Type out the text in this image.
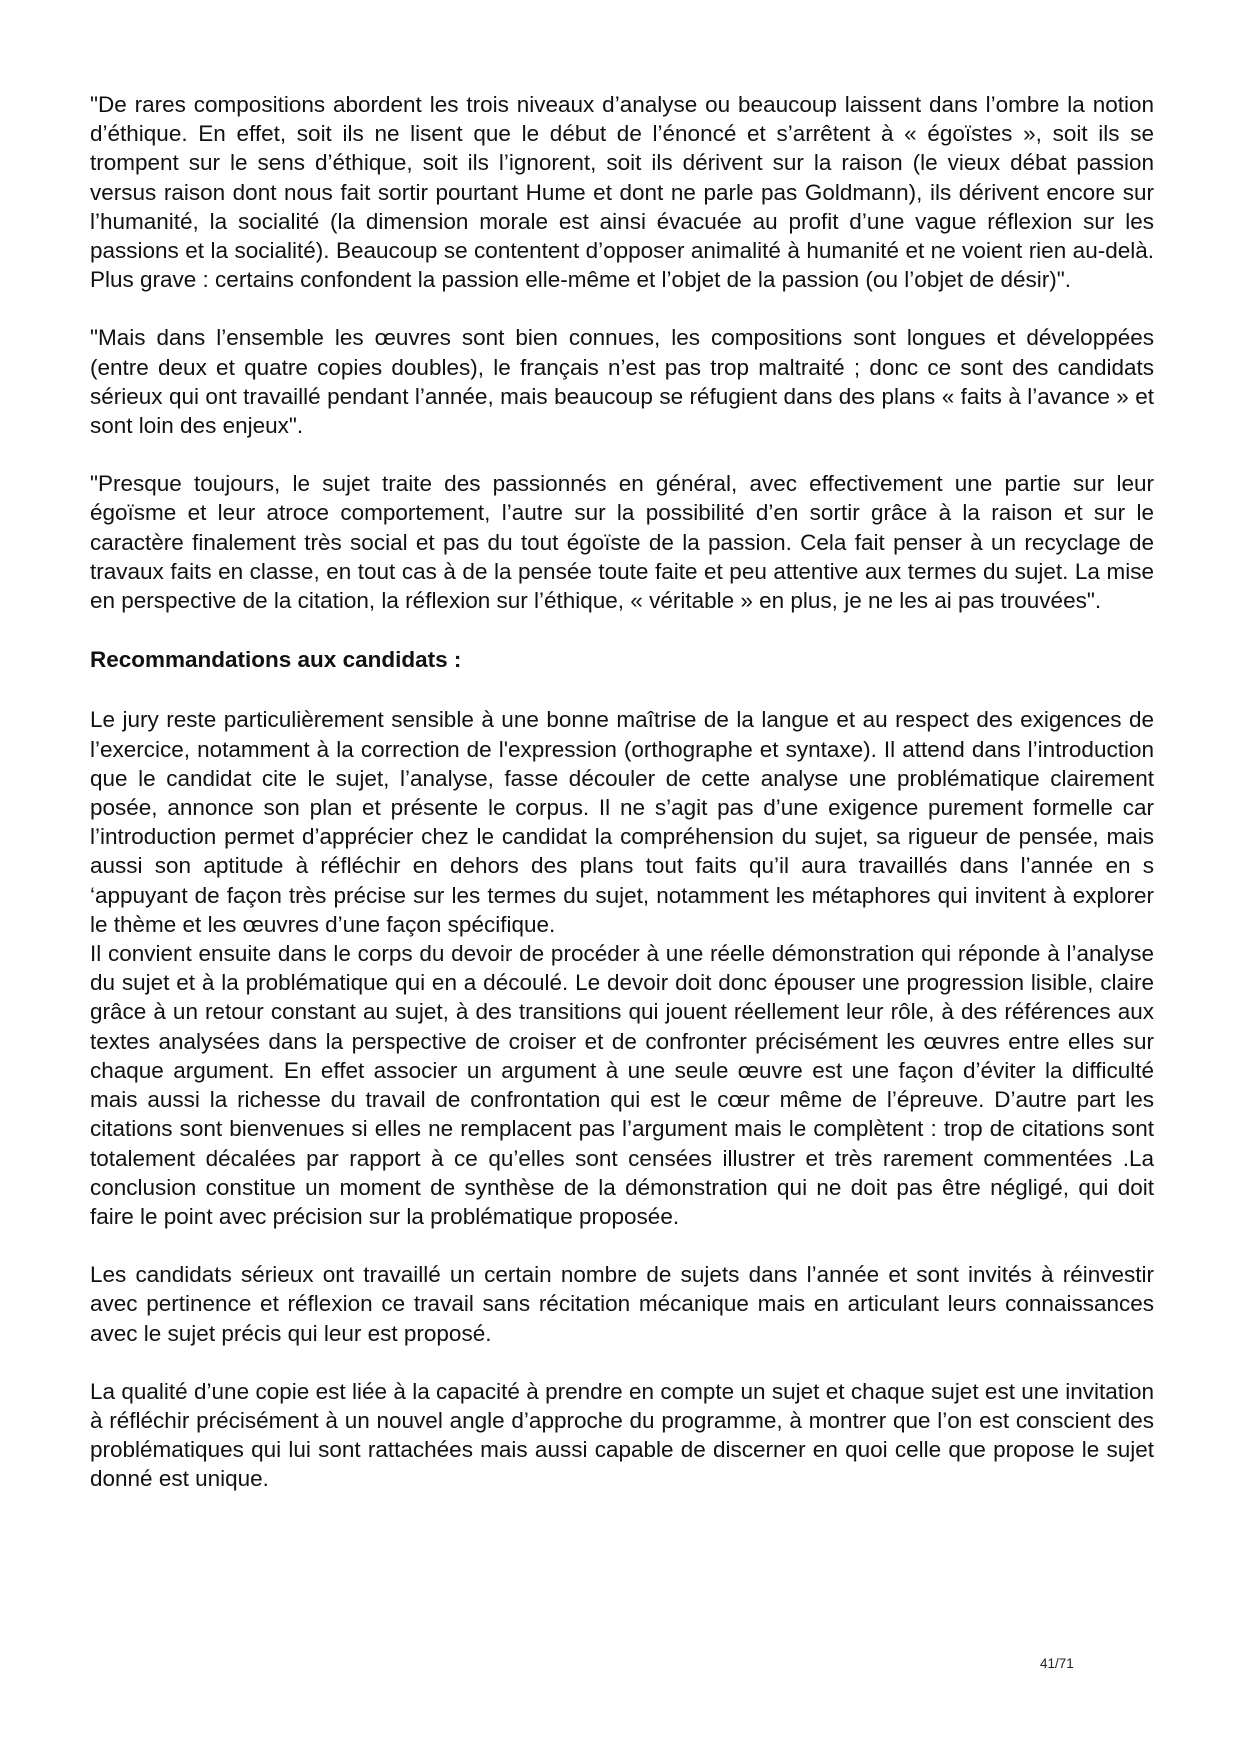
"De rares compositions abordent les trois niveaux d’analyse ou beaucoup laissent dans l’ombre la notion d’éthique. En effet, soit ils ne lisent que le début de l’énoncé et s’arrêtent à « égoïstes », soit ils se trompent sur le sens d’éthique, soit ils l’ignorent, soit ils dérivent sur la raison (le vieux débat passion versus raison dont nous fait sortir pourtant Hume et dont ne parle pas Goldmann), ils dérivent encore sur l’humanité, la socialité (la dimension morale est ainsi évacuée au profit d’une vague réflexion sur les passions et la socialité). Beaucoup se contentent d’opposer animalité à humanité et ne voient rien au-delà. Plus grave : certains confondent la passion elle-même et l’objet de la passion (ou l’objet de désir)".

"Mais dans l’ensemble les œuvres sont bien connues, les compositions sont longues et développées (entre deux et quatre copies doubles), le français n’est pas trop maltraité ; donc ce sont des candidats sérieux qui ont travaillé pendant l’année, mais beaucoup se réfugient dans des plans « faits à l’avance » et sont loin des enjeux".

"Presque toujours, le sujet traite des passionnés en général, avec effectivement une partie sur leur égoïsme et leur atroce comportement, l’autre sur la possibilité d’en sortir grâce à la raison et sur le caractère finalement très social et pas du tout égoïste de la passion. Cela fait penser à un recyclage de travaux faits en classe, en tout cas à de la pensée toute faite et peu attentive aux termes du sujet. La mise en perspective de la citation, la réflexion sur l’éthique, « véritable » en plus, je ne les ai pas trouvées".

Recommandations aux candidats :

Le jury reste particulièrement sensible à une bonne maîtrise de la langue et au respect des exigences de l’exercice, notamment à la correction de l'expression (orthographe et syntaxe). Il attend dans l’introduction que le candidat cite le sujet, l’analyse, fasse découler de cette analyse une problématique clairement posée, annonce son plan et présente le corpus. Il ne s’agit pas d’une exigence purement formelle car l’introduction permet d’apprécier chez le candidat la compréhension du sujet, sa rigueur de pensée, mais aussi son aptitude à réfléchir en dehors des plans tout faits qu’il aura travaillés dans l’année en s ‘appuyant de façon très précise sur les termes du sujet, notamment les métaphores qui invitent à explorer le thème et les œuvres d’une façon spécifique.

Il convient ensuite dans le corps du devoir de procéder à une réelle démonstration qui réponde à l’analyse du sujet et à la problématique qui en a découlé. Le devoir doit donc épouser une progression lisible, claire grâce à un retour constant au sujet, à des transitions qui jouent réellement leur rôle, à des références aux textes analysées dans la perspective de croiser et de confronter précisément les œuvres entre elles sur chaque argument. En effet associer un argument à une seule œuvre est une façon d’éviter la difficulté mais aussi la richesse du travail de confrontation qui est le cœur même de l’épreuve. D’autre part les citations sont bienvenues si elles ne remplacent pas l’argument mais le complètent : trop de citations sont totalement décalées par rapport à ce qu’elles sont censées illustrer et très rarement commentées .La conclusion constitue un moment de synthèse de la démonstration qui ne doit pas être négligé, qui doit faire le point avec précision sur la problématique proposée.

Les candidats sérieux ont travaillé un certain nombre de sujets dans l’année et sont invités à réinvestir avec pertinence et réflexion ce travail sans récitation mécanique mais en articulant leurs connaissances avec le sujet précis qui leur est proposé.

La qualité d’une copie est liée à la capacité à prendre en compte un sujet et chaque sujet est une invitation à réfléchir précisément à un nouvel angle d’approche du programme, à montrer que l’on est conscient des problématiques qui lui sont rattachées mais aussi capable de discerner en quoi celle que propose le sujet donné est unique.

41/71
